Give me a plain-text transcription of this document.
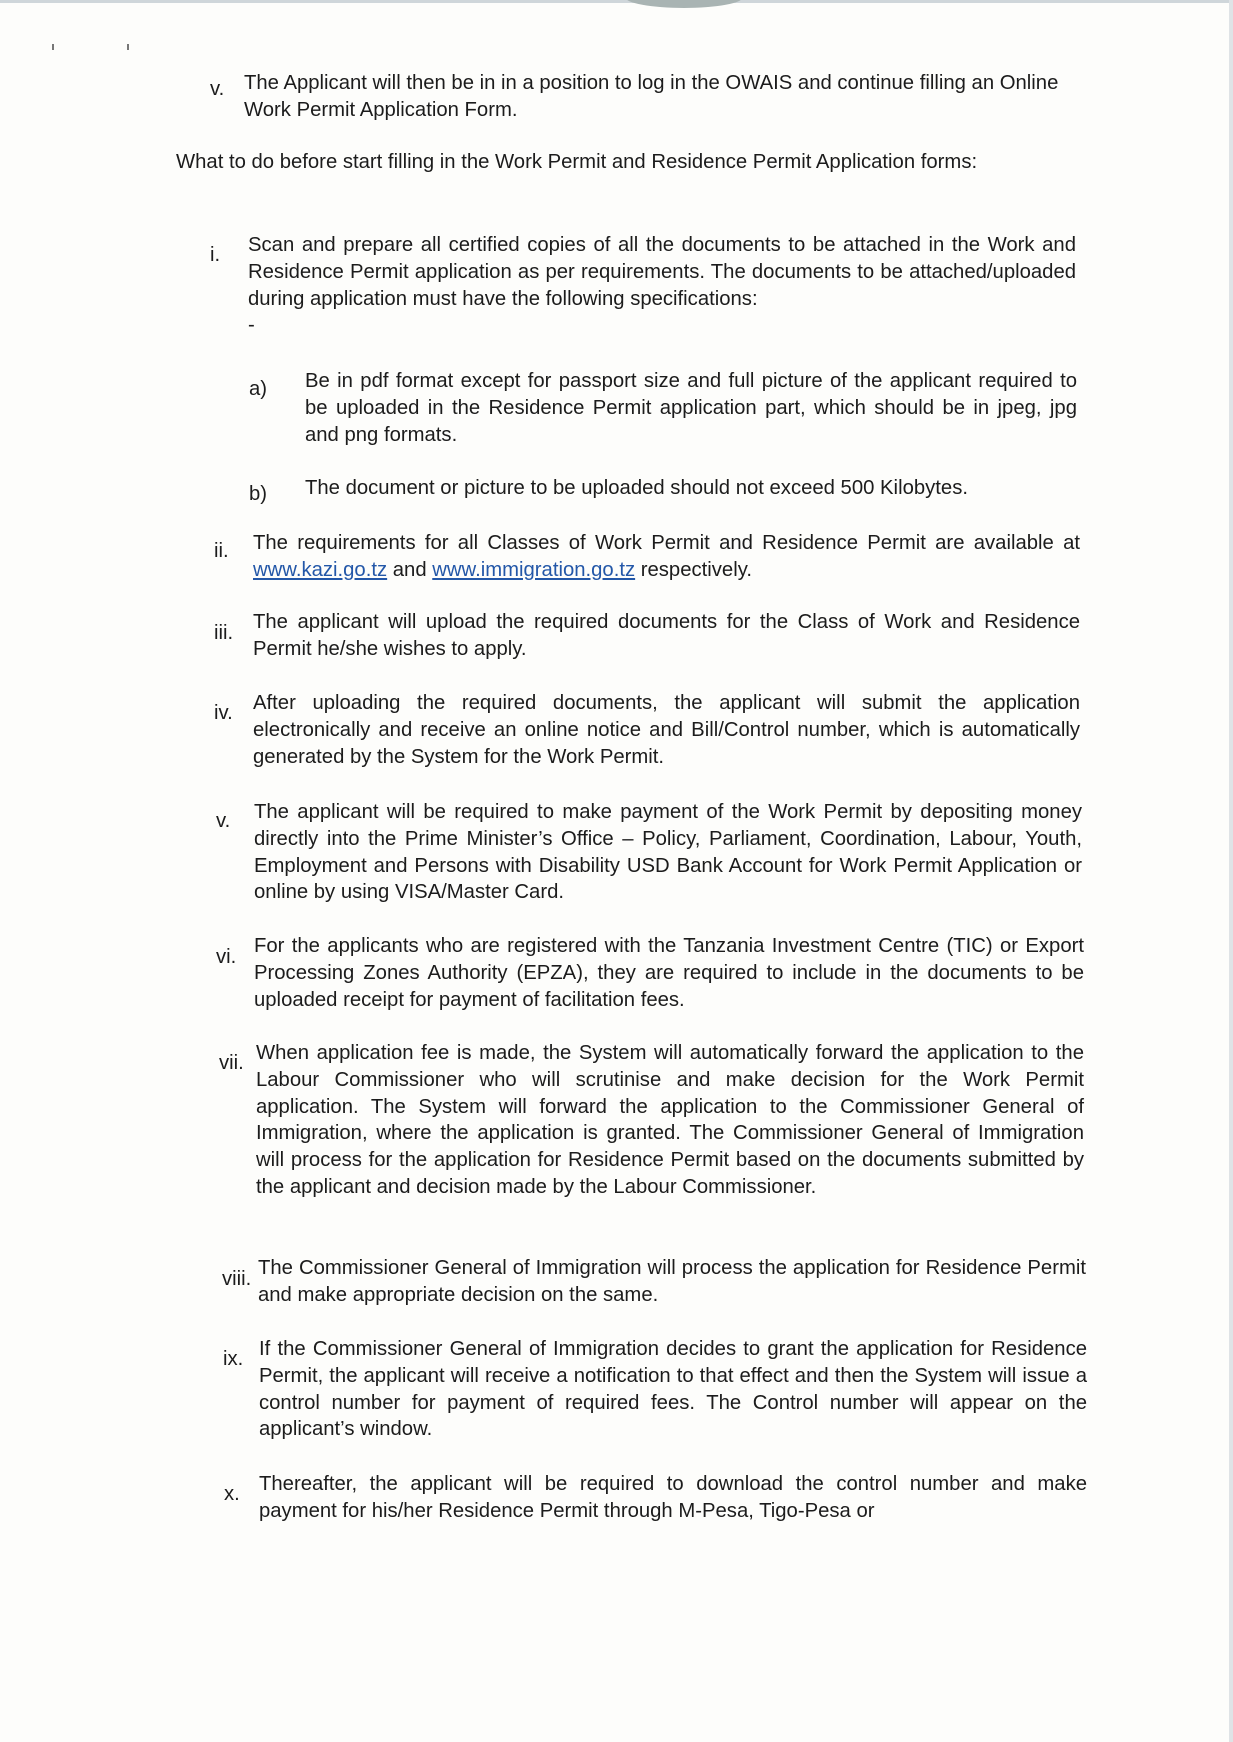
v. The Applicant will then be in in a position to log in the OWAIS and continue filling an Online Work Permit Application Form.
What to do before start filling in the Work Permit and Residence Permit Application forms:
i. Scan and prepare all certified copies of all the documents to be attached in the Work and Residence Permit application as per requirements. The documents to be attached/uploaded during application must have the following specifications:

-

a) Be in pdf format except for passport size and full picture of the applicant required to be uploaded in the Residence Permit application part, which should be in jpeg, jpg and png formats.
b) The document or picture to be uploaded should not exceed 500 Kilobytes.
ii. The requirements for all Classes of Work Permit and Residence Permit are available at www.kazi.go.tz and www.immigration.go.tz respectively.
iii. The applicant will upload the required documents for the Class of Work and Residence Permit he/she wishes to apply.
iv. After uploading the required documents, the applicant will submit the application electronically and receive an online notice and Bill/Control number, which is automatically generated by the System for the Work Permit.
v. The applicant will be required to make payment of the Work Permit by depositing money directly into the Prime Minister’s Office – Policy, Parliament, Coordination, Labour, Youth, Employment and Persons with Disability USD Bank Account for Work Permit Application or online by using VISA/Master Card.
vi. For the applicants who are registered with the Tanzania Investment Centre (TIC) or Export Processing Zones Authority (EPZA), they are required to include in the documents to be uploaded receipt for payment of facilitation fees.
vii. When application fee is made, the System will automatically forward the application to the Labour Commissioner who will scrutinise and make decision for the Work Permit application. The System will forward the application to the Commissioner General of Immigration, where the application is granted. The Commissioner General of Immigration will process for the application for Residence Permit based on the documents submitted by the applicant and decision made by the Labour Commissioner.
viii. The Commissioner General of Immigration will process the application for Residence Permit and make appropriate decision on the same.
ix. If the Commissioner General of Immigration decides to grant the application for Residence Permit, the applicant will receive a notification to that effect and then the System will issue a control number for payment of required fees. The Control number will appear on the applicant’s window.
x. Thereafter, the applicant will be required to download the control number and make payment for his/her Residence Permit through M-Pesa, Tigo-Pesa or
